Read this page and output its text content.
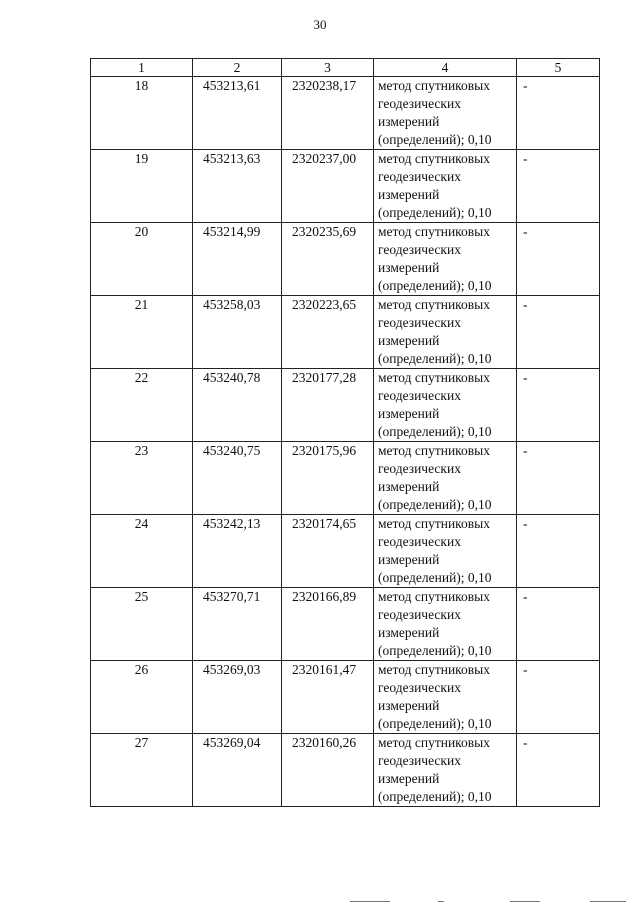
30
1	2	3	4	5
18	453213,61	2320238,17	метод спутниковых
геодезических
измерений
(определений); 0,10	-
19	453213,63	2320237,00	метод спутниковых
геодезических
измерений
(определений); 0,10	-
20	453214,99	2320235,69	метод спутниковых
геодезических
измерений
(определений); 0,10	-
21	453258,03	2320223,65	метод спутниковых
геодезических
измерений
(определений); 0,10	-
22	453240,78	2320177,28	метод спутниковых
геодезических
измерений
(определений); 0,10	-
23	453240,75	2320175,96	метод спутниковых
геодезических
измерений
(определений); 0,10	-
24	453242,13	2320174,65	метод спутниковых
геодезических
измерений
(определений); 0,10	-
25	453270,71	2320166,89	метод спутниковых
геодезических
измерений
(определений); 0,10	-
26	453269,03	2320161,47	метод спутниковых
геодезических
измерений
(определений); 0,10	-
27	453269,04	2320160,26	метод спутниковых
геодезических
измерений
(определений); 0,10	-
